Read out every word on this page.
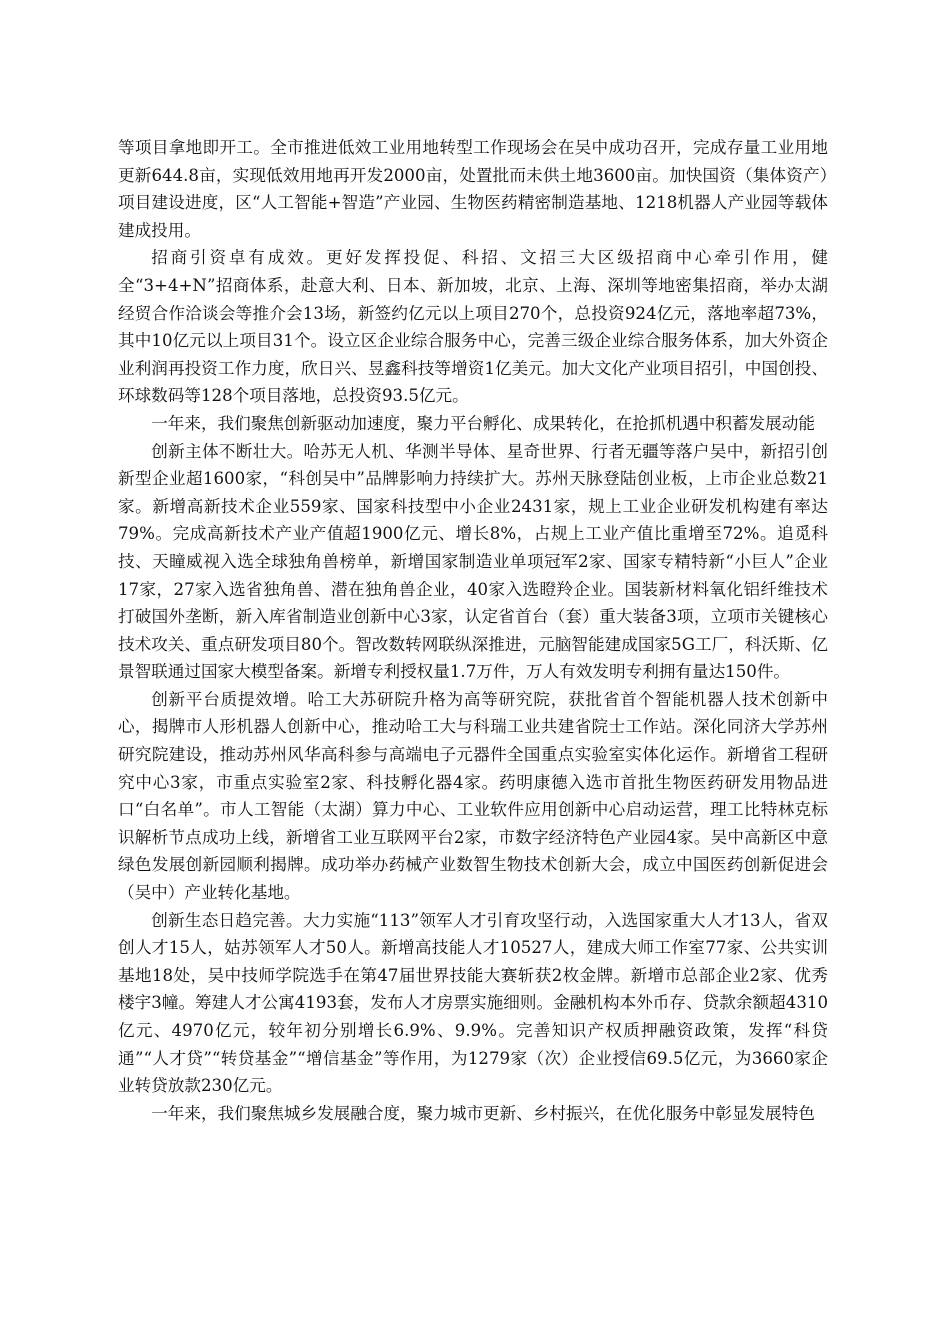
等项目拿地即开工。全市推进低效工业用地转型工作现场会在吴中成功召开，完成存量工业用地更新644.8亩，实现低效用地再开发2000亩，处置批而未供土地3600亩。加快国资（集体资产）项目建设进度，区“人工智能+智造”产业园、生物医药精密制造基地、1218机器人产业园等载体建成投用。

招商引资卓有成效。更好发挥投促、科招、文招三大区级招商中心牵引作用，健全“3+4+N”招商体系，赴意大利、日本、新加坡，北京、上海、深圳等地密集招商，举办太湖经贸合作洽谈会等推介会13场，新签约亿元以上项目270个，总投资924亿元，落地率超73%，其中10亿元以上项目31个。设立区企业综合服务中心，完善三级企业综合服务体系，加大外资企业利润再投资工作力度，欣日兴、昱鑫科技等增资1亿美元。加大文化产业项目招引，中国创投、环球数码等128个项目落地，总投资93.5亿元。

一年来，我们聚焦创新驱动加速度，聚力平台孵化、成果转化，在抢抓机遇中积蓄发展动能

创新主体不断壮大。哈苏无人机、华测半导体、星奇世界、行者无疆等落户吴中，新招引创新型企业超1600家，“科创吴中”品牌影响力持续扩大。苏州天脉登陆创业板，上市企业总数21家。新增高新技术企业559家、国家科技型中小企业2431家，规上工业企业研发机构建有率达79%。完成高新技术产业产值超1900亿元、增长8%，占规上工业产值比重增至72%。追觅科技、天瞳威视入选全球独角兽榜单，新增国家制造业单项冠军2家、国家专精特新“小巨人”企业17家，27家入选省独角兽、潜在独角兽企业，40家入选瞪羚企业。国装新材料氧化铝纤维技术打破国外垄断，新入库省制造业创新中心3家，认定省首台（套）重大装备3项，立项市关键核心技术攻关、重点研发项目80个。智改数转网联纵深推进，元脑智能建成国家5G工厂，科沃斯、亿景智联通过国家大模型备案。新增专利授权量1.7万件，万人有效发明专利拥有量达150件。

创新平台质提效增。哈工大苏研院升格为高等研究院，获批省首个智能机器人技术创新中心，揭牌市人形机器人创新中心，推动哈工大与科瑞工业共建省院士工作站。深化同济大学苏州研究院建设，推动苏州风华高科参与高端电子元器件全国重点实验室实体化运作。新增省工程研究中心3家，市重点实验室2家、科技孵化器4家。药明康德入选市首批生物医药研发用物品进口“白名单”。市人工智能（太湖）算力中心、工业软件应用创新中心启动运营，理工比特林克标识解析节点成功上线，新增省工业互联网平台2家，市数字经济特色产业园4家。吴中高新区中意绿色发展创新园顺利揭牌。成功举办药械产业数智生物技术创新大会，成立中国医药创新促进会（吴中）产业转化基地。

创新生态日趋完善。大力实施“113”领军人才引育攻坚行动，入选国家重大人才13人，省双创人才15人，姑苏领军人才50人。新增高技能人才10527人，建成大师工作室77家、公共实训基地18处，吴中技师学院选手在第47届世界技能大赛斩获2枚金牌。新增市总部企业2家、优秀楼宇3幢。筹建人才公寓4193套，发布人才房票实施细则。金融机构本外币存、贷款余额超4310亿元、4970亿元，较年初分别增长6.9%、9.9%。完善知识产权质押融资政策，发挥“科贷通”“人才贷”“转贷基金”“增信基金”等作用，为1279家（次）企业授信69.5亿元，为3660家企业转贷放款230亿元。

一年来，我们聚焦城乡发展融合度，聚力城市更新、乡村振兴，在优化服务中彰显发展特色
